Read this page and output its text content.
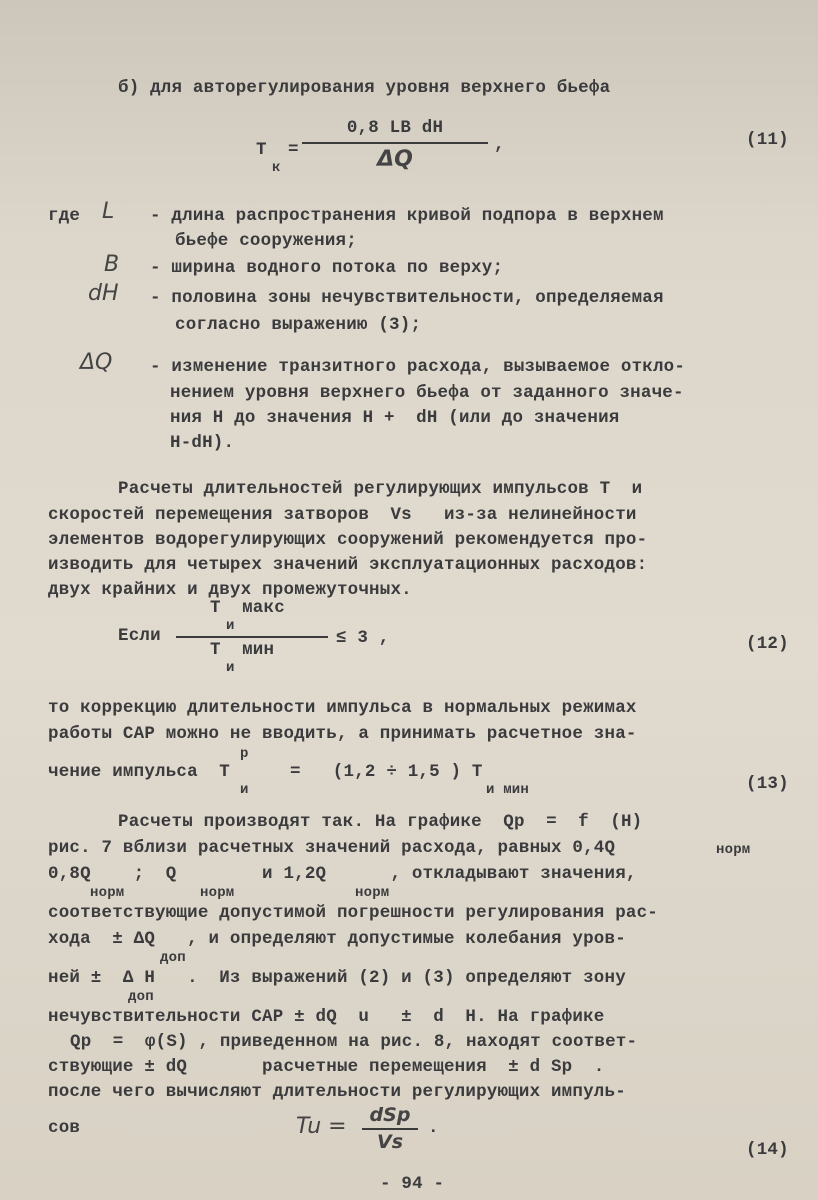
б) для авторегулирования уровня верхнего бьефа
T
к
=
0,8 LB dH
ΔQ
,	(11)
где L - длина распространения кривой подпора в верхнем
бьефе сооружения;
B - ширина водного потока по верху;
dH - половина зоны нечувствительности, определяемая
согласно выражению (3);
ΔQ - изменение транзитного расхода, вызываемое откло-
нением уровня верхнего бьефа от заданного значе-
ния H до значения H +  dH (или до значения
H-dH).
Расчеты длительностей регулирующих импульсов T  и
скоростей перемещения затворов  Vs   из-за нелинейности
элементов водорегулирующих сооружений рекомендуется про-
изводить для четырех значений эксплуатационных расходов:
двух крайних и двух промежуточных.
Если
T  макс
и
T  мин
и
≤ 3 ,	(12)
то коррекцию длительности импульса в нормальных режимах
работы САР можно не вводить, а принимать расчетное зна-
чение импульса  T
р
и
=   (1,2 ÷ 1,5 ) T
и мин	(13)
Расчеты производят так. На графике  Qp  =  f  (H)
рис. 7 вблизи расчетных значений расхода, равных 0,4Q	норм
0,8Q    ;  Q        и 1,2Q      , откладывают значения,
норм	норм	норм
соответствующие допустимой погрешности регулирования рас-
хода  ± ΔQ   , и определяют допустимые колебания уров-
доп
ней ±  Δ H   .  Из выражений (2) и (3) определяют зону
доп
нечувствительности САР ± dQ  u   ±  d  H. На графике
Qp  =  φ(S) , приведенном на рис. 8, находят соответ-
ствующие ± dQ       расчетные перемещения  ± d Sp  .
после чего вычисляют длительности регулирующих импуль-
сов	Tu =	dSp
Vs
.
(14)
- 94 -
